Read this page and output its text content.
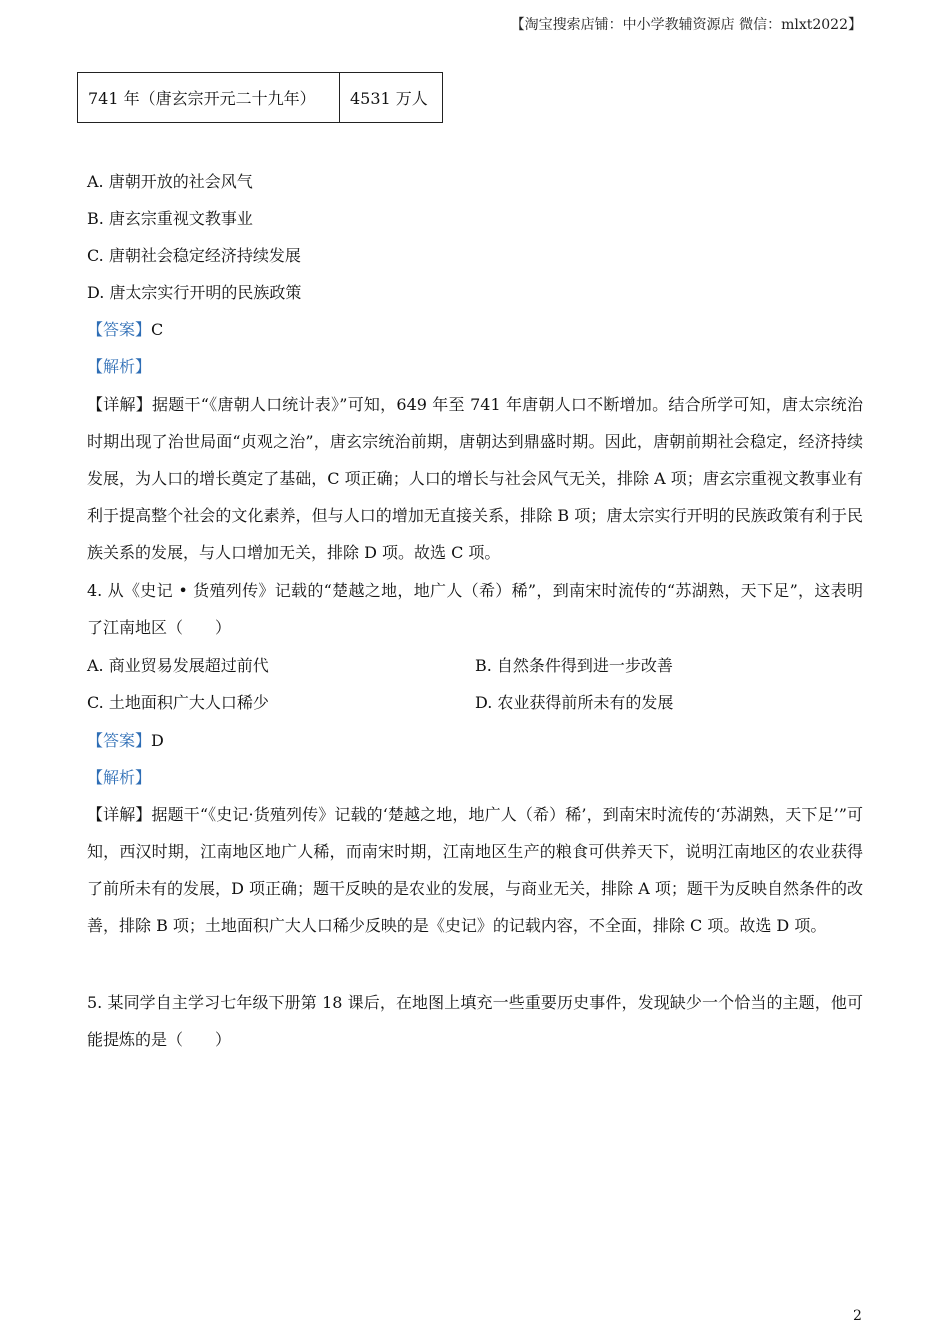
【淘宝搜索店铺：中小学教辅资源店 微信：mlxt2022】
741 年（唐玄宗开元二十九年）	4531 万人
A. 唐朝开放的社会风气
B. 唐玄宗重视文教事业
C. 唐朝社会稳定经济持续发展
D. 唐太宗实行开明的民族政策
【答案】C
【解析】
【详解】据题干“《唐朝人口统计表》”可知，649 年至 741 年唐朝人口不断增加。结合所学可知，唐太宗统治时期出现了治世局面“贞观之治”，唐玄宗统治前期，唐朝达到鼎盛时期。因此，唐朝前期社会稳定，经济持续发展，为人口的增长奠定了基础，C 项正确；人口的增长与社会风气无关，排除 A 项；唐玄宗重视文教事业有利于提高整个社会的文化素养，但与人口的增加无直接关系，排除 B 项；唐太宗实行开明的民族政策有利于民族关系的发展，与人口增加无关，排除 D 项。故选 C 项。
4. 从《史记 • 货殖列传》记载的“楚越之地，地广人（希）稀”，到南宋时流传的“苏湖熟，天下足”，这表明了江南地区（　　）
A. 商业贸易发展超过前代	B. 自然条件得到进一步改善
C. 土地面积广大人口稀少	D. 农业获得前所未有的发展
【答案】D
【解析】
【详解】据题干“《史记·货殖列传》记载的‘楚越之地，地广人（希）稀’，到南宋时流传的‘苏湖熟，天下足’”可知，西汉时期，江南地区地广人稀，而南宋时期，江南地区生产的粮食可供养天下，说明江南地区的农业获得了前所未有的发展，D 项正确；题干反映的是农业的发展，与商业无关，排除 A 项；题干为反映自然条件的改善，排除 B 项；土地面积广大人口稀少反映的是《史记》的记载内容，不全面，排除 C 项。故选 D 项。
5. 某同学自主学习七年级下册第 18 课后，在地图上填充一些重要历史事件，发现缺少一个恰当的主题，他可能提炼的是（　　）
2
